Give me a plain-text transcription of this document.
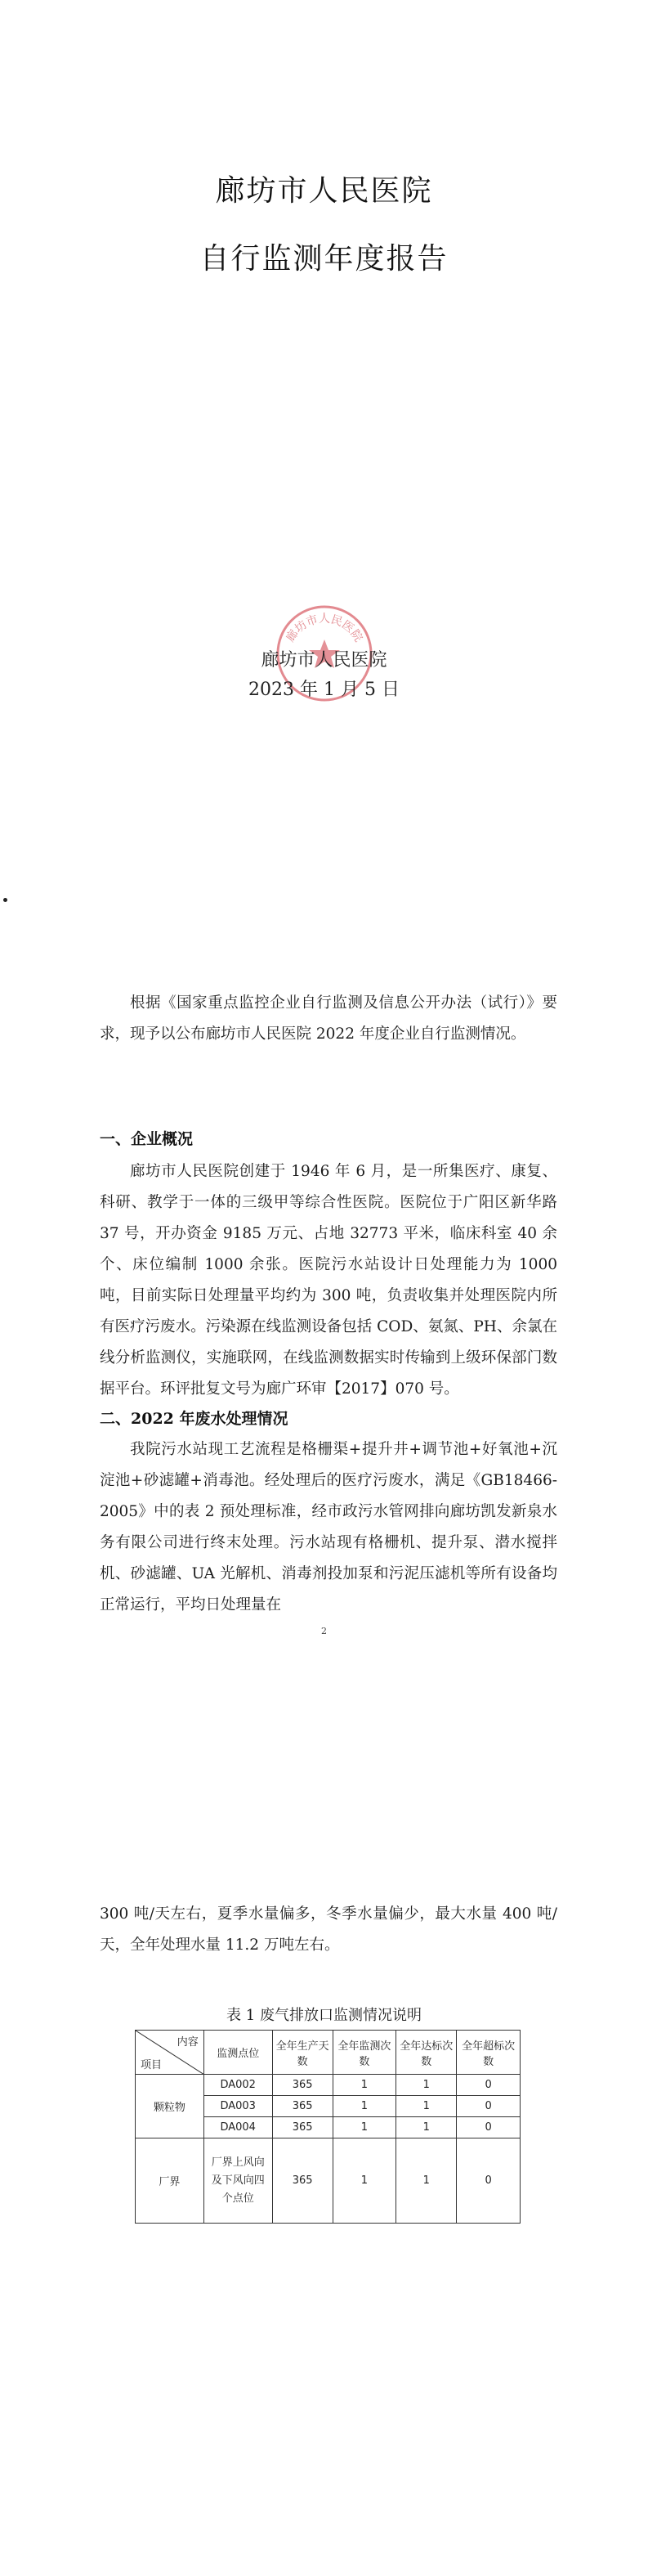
廊坊市人民医院
自行监测年度报告
廊坊市人民医院
廊坊市人民医院
2023 年 1 月 5 日
根据《国家重点监控企业自行监测及信息公开办法（试行）》要求，现予以公布廊坊市人民医院 2022 年度企业自行监测情况。
一、企业概况
廊坊市人民医院创建于 1946 年 6 月，是一所集医疗、康复、科研、教学于一体的三级甲等综合性医院。医院位于广阳区新华路 37 号，开办资金 9185 万元、占地 32773 平米，临床科室 40 余个、床位编制 1000 余张。医院污水站设计日处理能力为 1000 吨，目前实际日处理量平均约为 300 吨，负责收集并处理医院内所有医疗污废水。污染源在线监测设备包括 COD、氨氮、PH、余氯在线分析监测仪，实施联网，在线监测数据实时传输到上级环保部门数据平台。环评批复文号为廊广环审【2017】070 号。
二、2022 年废水处理情况
我院污水站现工艺流程是格栅渠+提升井+调节池+好氧池+沉淀池+砂滤罐+消毒池。经处理后的医疗污废水，满足《GB18466-2005》中的表 2 预处理标准，经市政污水管网排向廊坊凯发新泉水务有限公司进行终末处理。污水站现有格栅机、提升泵、潜水搅拌机、砂滤罐、UA 光解机、消毒剂投加泵和污泥压滤机等所有设备均正常运行，平均日处理量在
2
300 吨/天左右，夏季水量偏多，冬季水量偏少，最大水量 400 吨/天，全年处理水量 11.2 万吨左右。
表 1 废气排放口监测情况说明
内容
项目	监测点位	全年生产天数	全年监测次数	全年达标次数	全年超标次数
颗粒物	DA002	365	1	1	0
	DA003	365	1	1	0
	DA004	365	1	1	0
厂界	厂界上风向及下风向四个点位	365	1	1	0
